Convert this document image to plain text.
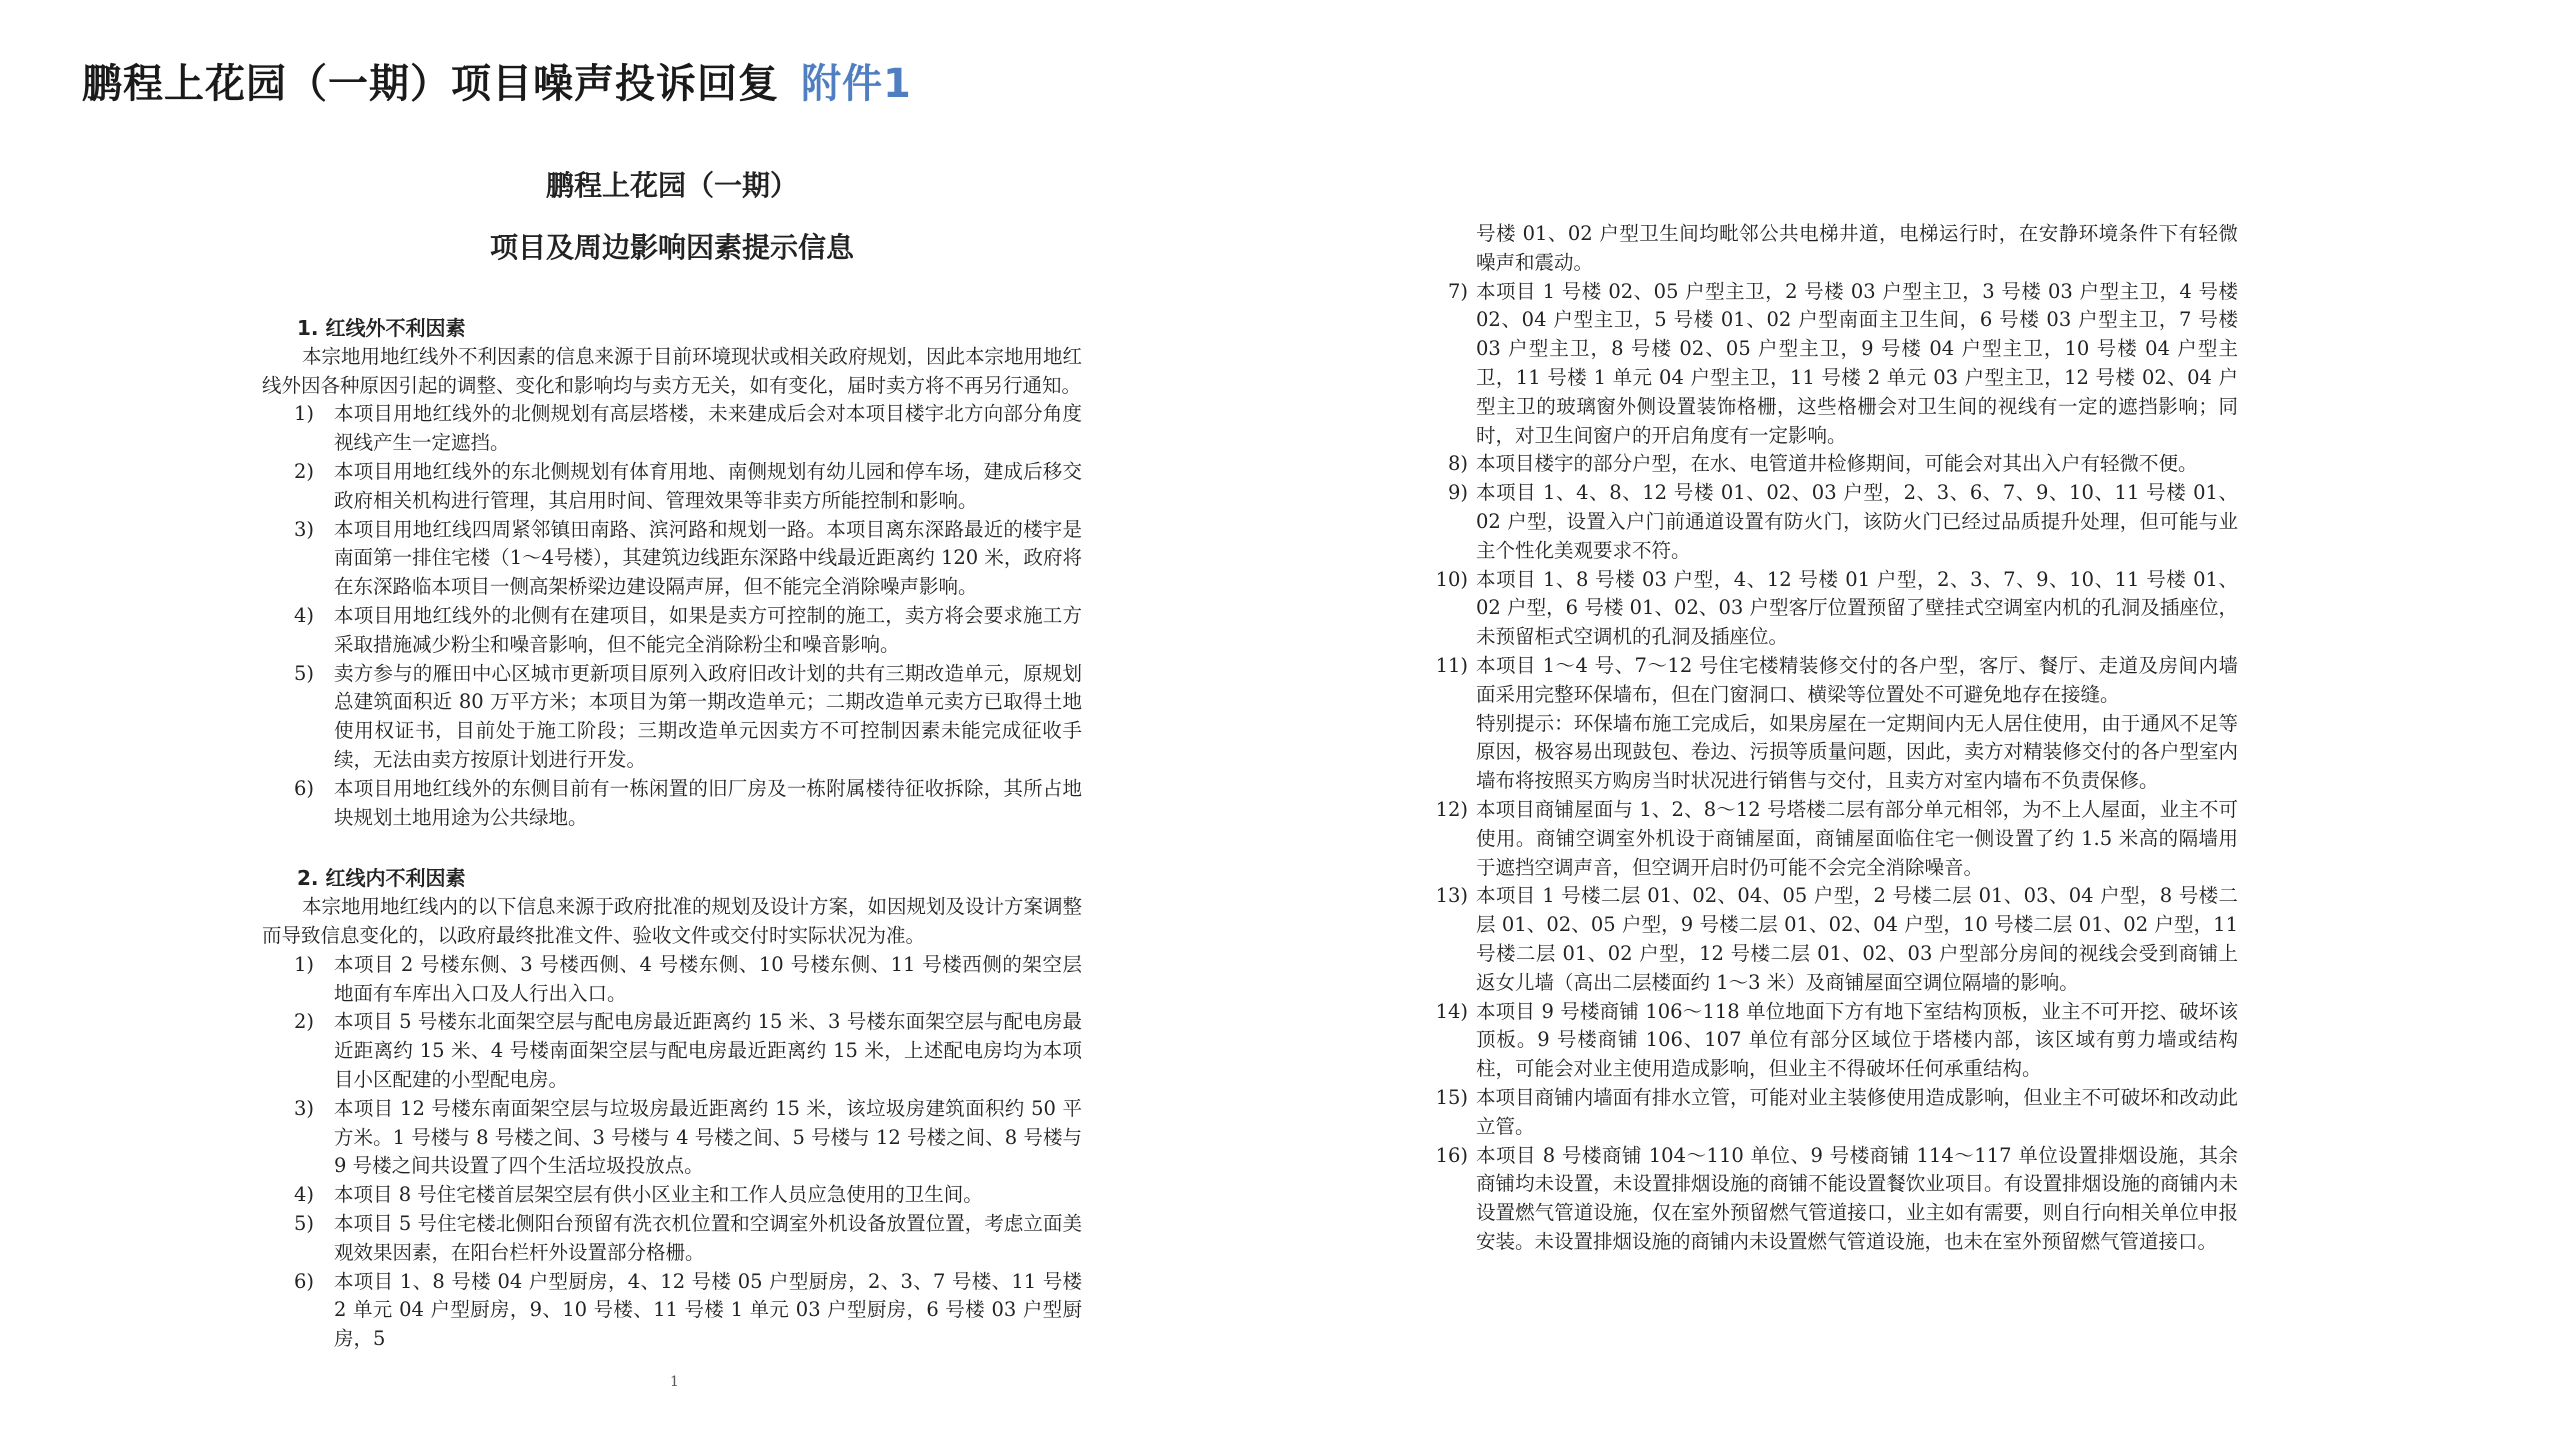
鹏程上花园（一期）项目噪声投诉回复 附件1
鹏程上花园（一期）
项目及周边影响因素提示信息
1. 红线外不利因素

本宗地用地红线外不利因素的信息来源于目前环境现状或相关政府规划，因此本宗地用地红线外因各种原因引起的调整、变化和影响均与卖方无关，如有变化，届时卖方将不再另行通知。

1)	本项目用地红线外的北侧规划有高层塔楼，未来建成后会对本项目楼宇北方向部分角度视线产生一定遮挡。
2)	本项目用地红线外的东北侧规划有体育用地、南侧规划有幼儿园和停车场，建成后移交政府相关机构进行管理，其启用时间、管理效果等非卖方所能控制和影响。
3)	本项目用地红线四周紧邻镇田南路、滨河路和规划一路。本项目离东深路最近的楼宇是南面第一排住宅楼（1～4号楼），其建筑边线距东深路中线最近距离约 120 米，政府将在东深路临本项目一侧高架桥梁边建设隔声屏，但不能完全消除噪声影响。
4)	本项目用地红线外的北侧有在建项目，如果是卖方可控制的施工，卖方将会要求施工方采取措施减少粉尘和噪音影响，但不能完全消除粉尘和噪音影响。
5)	卖方参与的雁田中心区城市更新项目原列入政府旧改计划的共有三期改造单元，原规划总建筑面积近 80 万平方米；本项目为第一期改造单元；二期改造单元卖方已取得土地使用权证书，目前处于施工阶段；三期改造单元因卖方不可控制因素未能完成征收手续，无法由卖方按原计划进行开发。
6)	本项目用地红线外的东侧目前有一栋闲置的旧厂房及一栋附属楼待征收拆除，其所占地块规划土地用途为公共绿地。
2. 红线内不利因素

本宗地用地红线内的以下信息来源于政府批准的规划及设计方案，如因规划及设计方案调整而导致信息变化的，以政府最终批准文件、验收文件或交付时实际状况为准。

1)	本项目 2 号楼东侧、3 号楼西侧、4 号楼东侧、10 号楼东侧、11 号楼西侧的架空层地面有车库出入口及人行出入口。
2)	本项目 5 号楼东北面架空层与配电房最近距离约 15 米、3 号楼东面架空层与配电房最近距离约 15 米、4 号楼南面架空层与配电房最近距离约 15 米，上述配电房均为本项目小区配建的小型配电房。
3)	本项目 12 号楼东南面架空层与垃圾房最近距离约 15 米，该垃圾房建筑面积约 50 平方米。1 号楼与 8 号楼之间、3 号楼与 4 号楼之间、5 号楼与 12 号楼之间、8 号楼与 9 号楼之间共设置了四个生活垃圾投放点。
4)	本项目 8 号住宅楼首层架空层有供小区业主和工作人员应急使用的卫生间。
5)	本项目 5 号住宅楼北侧阳台预留有洗衣机位置和空调室外机设备放置位置，考虑立面美观效果因素，在阳台栏杆外设置部分格栅。
6)	本项目 1、8 号楼 04 户型厨房，4、12 号楼 05 户型厨房，2、3、7 号楼、11 号楼 2 单元 04 户型厨房，9、10 号楼、11 号楼 1 单元 03 户型厨房，6 号楼 03 户型厨房，5
1
号楼 01、02 户型卫生间均毗邻公共电梯井道，电梯运行时，在安静环境条件下有轻微噪声和震动。
7) 本项目 1 号楼 02、05 户型主卫，2 号楼 03 户型主卫，3 号楼 03 户型主卫，4 号楼 02、04 户型主卫，5 号楼 01、02 户型南面主卫生间，6 号楼 03 户型主卫，7 号楼 03 户型主卫，8 号楼 02、05 户型主卫，9 号楼 04 户型主卫，10 号楼 04 户型主卫，11 号楼 1 单元 04 户型主卫，11 号楼 2 单元 03 户型主卫，12 号楼 02、04 户型主卫的玻璃窗外侧设置装饰格栅，这些格栅会对卫生间的视线有一定的遮挡影响；同时，对卫生间窗户的开启角度有一定影响。
8) 本项目楼宇的部分户型，在水、电管道井检修期间，可能会对其出入户有轻微不便。
9) 本项目 1、4、8、12 号楼 01、02、03 户型，2、3、6、7、9、10、11 号楼 01、02 户型，设置入户门前通道设置有防火门，该防火门已经过品质提升处理，但可能与业主个性化美观要求不符。
10) 本项目 1、8 号楼 03 户型，4、12 号楼 01 户型，2、3、7、9、10、11 号楼 01、02 户型，6 号楼 01、02、03 户型客厅位置预留了壁挂式空调室内机的孔洞及插座位，未预留柜式空调机的孔洞及插座位。
11) 本项目 1～4 号、7～12 号住宅楼精装修交付的各户型，客厅、餐厅、走道及房间内墙面采用完整环保墙布，但在门窗洞口、横梁等位置处不可避免地存在接缝。
特别提示：环保墙布施工完成后，如果房屋在一定期间内无人居住使用，由于通风不足等原因，极容易出现鼓包、卷边、污损等质量问题，因此，卖方对精装修交付的各户型室内墙布将按照买方购房当时状况进行销售与交付，且卖方对室内墙布不负责保修。
12) 本项目商铺屋面与 1、2、8～12 号塔楼二层有部分单元相邻，为不上人屋面，业主不可使用。商铺空调室外机设于商铺屋面，商铺屋面临住宅一侧设置了约 1.5 米高的隔墙用于遮挡空调声音，但空调开启时仍可能不会完全消除噪音。
13) 本项目 1 号楼二层 01、02、04、05 户型，2 号楼二层 01、03、04 户型，8 号楼二层 01、02、05 户型，9 号楼二层 01、02、04 户型，10 号楼二层 01、02 户型，11 号楼二层 01、02 户型，12 号楼二层 01、02、03 户型部分房间的视线会受到商铺上返女儿墙（高出二层楼面约 1～3 米）及商铺屋面空调位隔墙的影响。
14) 本项目 9 号楼商铺 106～118 单位地面下方有地下室结构顶板，业主不可开挖、破坏该顶板。9 号楼商铺 106、107 单位有部分区域位于塔楼内部，该区域有剪力墙或结构柱，可能会对业主使用造成影响，但业主不得破坏任何承重结构。
15) 本项目商铺内墙面有排水立管，可能对业主装修使用造成影响，但业主不可破坏和改动此立管。
16) 本项目 8 号楼商铺 104～110 单位、9 号楼商铺 114～117 单位设置排烟设施，其余商铺均未设置，未设置排烟设施的商铺不能设置餐饮业项目。有设置排烟设施的商铺内未设置燃气管道设施，仅在室外预留燃气管道接口，业主如有需要，则自行向相关单位申报安装。未设置排烟设施的商铺内未设置燃气管道设施，也未在室外预留燃气管道接口。
